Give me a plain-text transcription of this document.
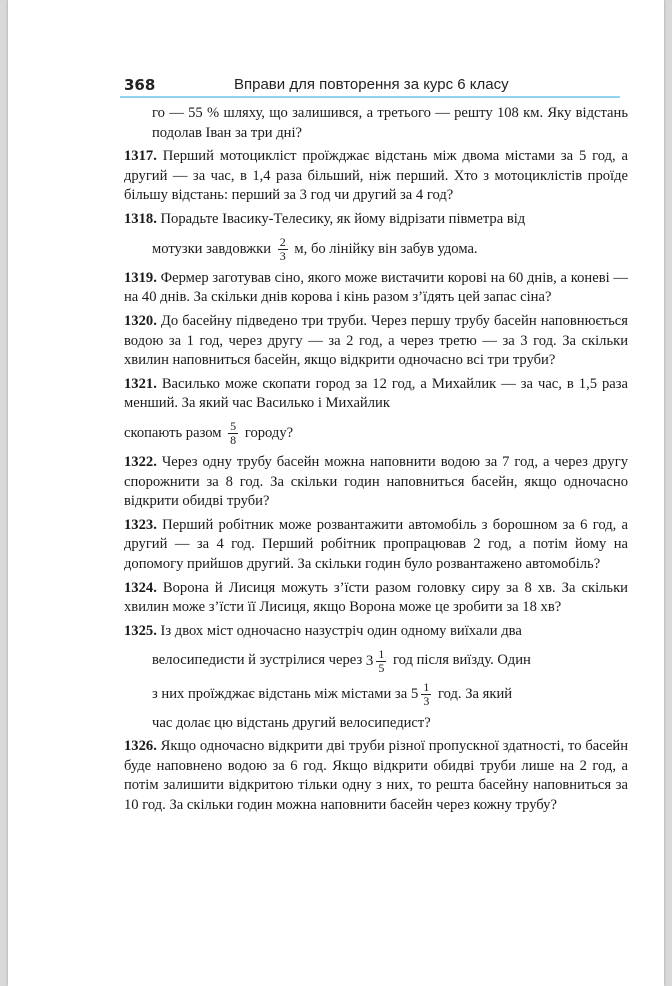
368	Вправи для повторення за курс 6 класу
го — 55 % шляху, що залишився, а третього — решту 108 км. Яку відстань подолав Іван за три дні?
1317. Перший мотоцикліст проїжджає відстань між двома містами за 5 год, а другий — за час, в 1,4 раза більший, ніж перший. Хто з мотоциклістів проїде більшу відстань: перший за 3 год чи другий за 4 год?
1318. Порадьте Івасику-Телесику, як йому відрізати півметра від
мотузки завдовжки $\frac{2}{3} м$, бо лінійку він забув удома.
1319. Фермер заготував сіно, якого може вистачити корові на 60 днів, а коневі — на 40 днів. За скільки днів корова і кінь разом з’їдять цей запас сіна?
1320. До басейну підведено три труби. Через першу трубу басейн наповнюється водою за 1 год, через другу — за 2 год, а через третю — за 3 год. За скільки хвилин наповниться басейн, якщо відкрити одночасно всі три труби?
1321. Василько може скопати город за 12 год, а Михайлик — за час, в 1,5 раза менший. За який час Василько і Михайлик
скопають разом $\frac{5}{8}$ городу?
1322. Через одну трубу басейн можна наповнити водою за 7 год, а через другу спорожнити за 8 год. За скільки годин наповниться басейн, якщо одночасно відкрити обидві труби?
1323. Перший робітник може розвантажити автомобіль з борошном за 6 год, а другий — за 4 год. Перший робітник пропрацював 2 год, а потім йому на допомогу прийшов другий. За скільки годин було розвантажено автомобіль?
1324. Ворона й Лисиця можуть з’їсти разом головку сиру за 8 хв. За скільки хвилин може з’їсти її Лисиця, якщо Ворона може це зробити за 18 хв?
1325. Із двох міст одночасно назустріч один одному виїхали два
велосипедисти й зустрілися через $3 \frac{1}{5}$ год після виїзду. Один
з них проїжджає відстань між містами за $5 \frac{1}{3}$ год. За який
час долає цю відстань другий велосипедист?
1326. Якщо одночасно відкрити дві труби різної пропускної здатності, то басейн буде наповнено водою за 6 год. Якщо відкрити обидві труби лише на 2 год, а потім залишити відкритою тільки одну з них, то решта басейну наповниться за 10 год. За скільки годин можна наповнити басейн через кожну трубу?
